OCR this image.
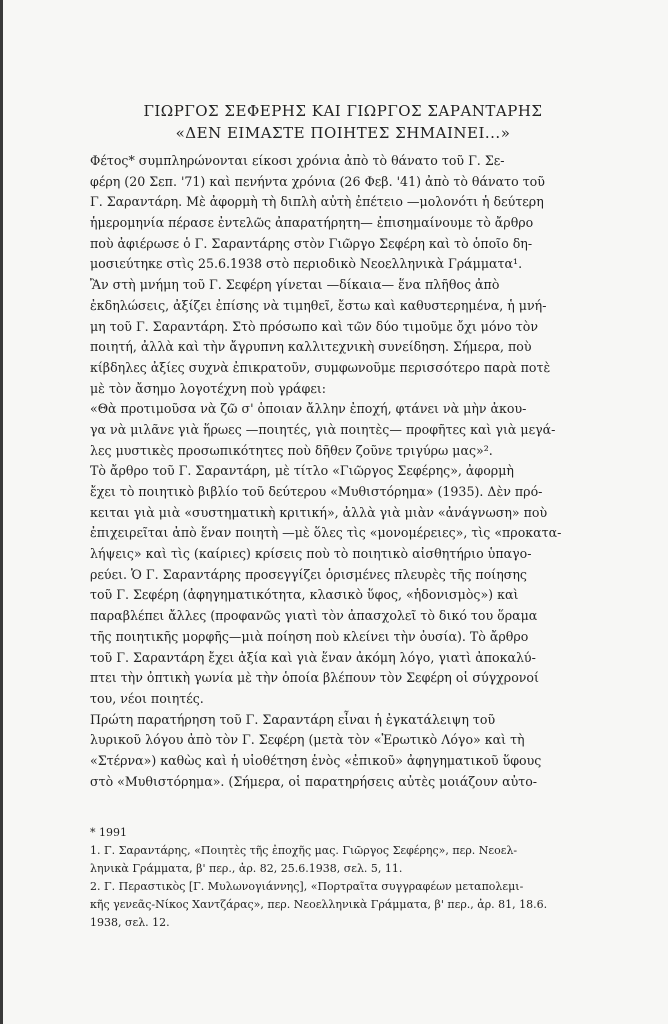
ΓΙΩΡΓΟΣ ΣΕΦΕΡΗΣ ΚΑΙ ΓΙΩΡΓΟΣ ΣΑΡΑΝΤΑΡΗΣ
«ΔΕΝ ΕΙΜΑΣΤΕ ΠΟΙΗΤΕΣ ΣΗΜΑΙΝΕΙ...»
Φέτος* συμπληρώνονται είκοσι χρόνια ἀπὸ τὸ θάνατο τοῦ Γ. Σε-
φέρη (20 Σεπ. '71) καὶ πενήντα χρόνια (26 Φεβ. '41) ἀπὸ τὸ θάνατο τοῦ
Γ. Σαραντάρη. Μὲ ἀφορμὴ τὴ διπλὴ αὐτὴ ἐπέτειο —μολονότι ἡ δεύτερη
ἡμερομηνία πέρασε ἐντελῶς ἀπαρατήρητη— ἐπισημαίνουμε τὸ ἄρθρο
ποὺ ἀφιέρωσε ὁ Γ. Σαραντάρης στὸν Γιῶργο Σεφέρη καὶ τὸ ὁποῖο δη-
μοσιεύτηκε στὶς 25.6.1938 στὸ περιοδικὸ Νεοελληνικὰ Γράμματα¹.
Ἂν στὴ μνήμη τοῦ Γ. Σεφέρη γίνεται —δίκαια— ἕνα πλῆθος ἀπὸ
ἐκδηλώσεις, ἀξίζει ἐπίσης νὰ τιμηθεῖ, ἔστω καὶ καθυστερημένα, ἡ μνή-
μη τοῦ Γ. Σαραντάρη. Στὸ πρόσωπο καὶ τῶν δύο τιμοῦμε ὄχι μόνο τὸν
ποιητή, ἀλλὰ καὶ τὴν ἄγρυπνη καλλιτεχνικὴ συνείδηση. Σήμερα, ποὺ
κίβδηλες ἀξίες συχνὰ ἐπικρατοῦν, συμφωνοῦμε περισσότερο παρὰ ποτὲ
μὲ τὸν ἄσημο λογοτέχνη ποὺ γράφει:
«Θὰ προτιμοῦσα νὰ ζῶ σ' ὁποιαν ἄλλην ἐποχή, φτάνει νὰ μὴν ἀκου-
γα νὰ μιλᾶνε γιὰ ἥρωες —ποιητές, γιὰ ποιητὲς— προφῆτες καὶ γιὰ μεγά-
λες μυστικὲς προσωπικότητες ποὺ δῆθεν ζοῦνε τριγύρω μας»².
Τὸ ἄρθρο τοῦ Γ. Σαραντάρη, μὲ τίτλο «Γιῶργος Σεφέρης», ἀφορμὴ
ἔχει τὸ ποιητικὸ βιβλίο τοῦ δεύτερου «Μυθιστόρημα» (1935). Δὲν πρό-
κειται γιὰ μιὰ «συστηματικὴ κριτική», ἀλλὰ γιὰ μιὰν «ἀνάγνωση» ποὺ
ἐπιχειρεῖται ἀπὸ ἕναν ποιητὴ —μὲ ὅλες τὶς «μονομέρειες», τὶς «προκατα-
λήψεις» καὶ τὶς (καίριες) κρίσεις ποὺ τὸ ποιητικὸ αἰσθητήριο ὑπαγο-
ρεύει. Ὁ Γ. Σαραντάρης προσεγγίζει ὁρισμένες πλευρὲς τῆς ποίησης
τοῦ Γ. Σεφέρη (ἀφηγηματικότητα, κλασικὸ ὕφος, «ἡδονισμὸς») καὶ
παραβλέπει ἄλλες (προφανῶς γιατὶ τὸν ἀπασχολεῖ τὸ δικό του ὅραμα
τῆς ποιητικῆς μορφῆς—μιὰ ποίηση ποὺ κλείνει τὴν ὀυσία). Τὸ ἄρθρο
τοῦ Γ. Σαραντάρη ἔχει ἀξία καὶ γιὰ ἕναν ἀκόμη λόγο, γιατὶ ἀποκαλύ-
πτει τὴν ὀπτικὴ γωνία μὲ τὴν ὁποία βλέπουν τὸν Σεφέρη οἱ σύγχρονοί
του, νέοι ποιητές.
Πρώτη παρατήρηση τοῦ Γ. Σαραντάρη εἶναι ἡ ἐγκατάλειψη τοῦ
λυρικοῦ λόγου ἀπὸ τὸν Γ. Σεφέρη (μετὰ τὸν «Ἐρωτικὸ Λόγο» καὶ τὴ
«Στέρνα») καθὼς καὶ ἡ υἱοθέτηση ἑνὸς «ἐπικοῦ» ἀφηγηματικοῦ ὕφους
στὸ «Μυθιστόρημα». (Σήμερα, οἱ παρατηρήσεις αὐτὲς μοιάζουν αὐτο-
* 1991
1. Γ. Σαραντάρης, «Ποιητὲς τῆς ἐποχῆς μας. Γιῶργος Σεφέρης», περ. Νεοελ-
ληνικὰ Γράμματα, β' περ., ἀρ. 82, 25.6.1938, σελ. 5, 11.
2. Γ. Περαστικὸς [Γ. Μυλωνογιάννης], «Πορτραῖτα συγγραφέων μεταπολεμι-
κῆς γενεᾶς-Νίκος Χαντζάρας», περ. Νεοελληνικὰ Γράμματα, β' περ., ἀρ. 81, 18.6.
1938, σελ. 12.
